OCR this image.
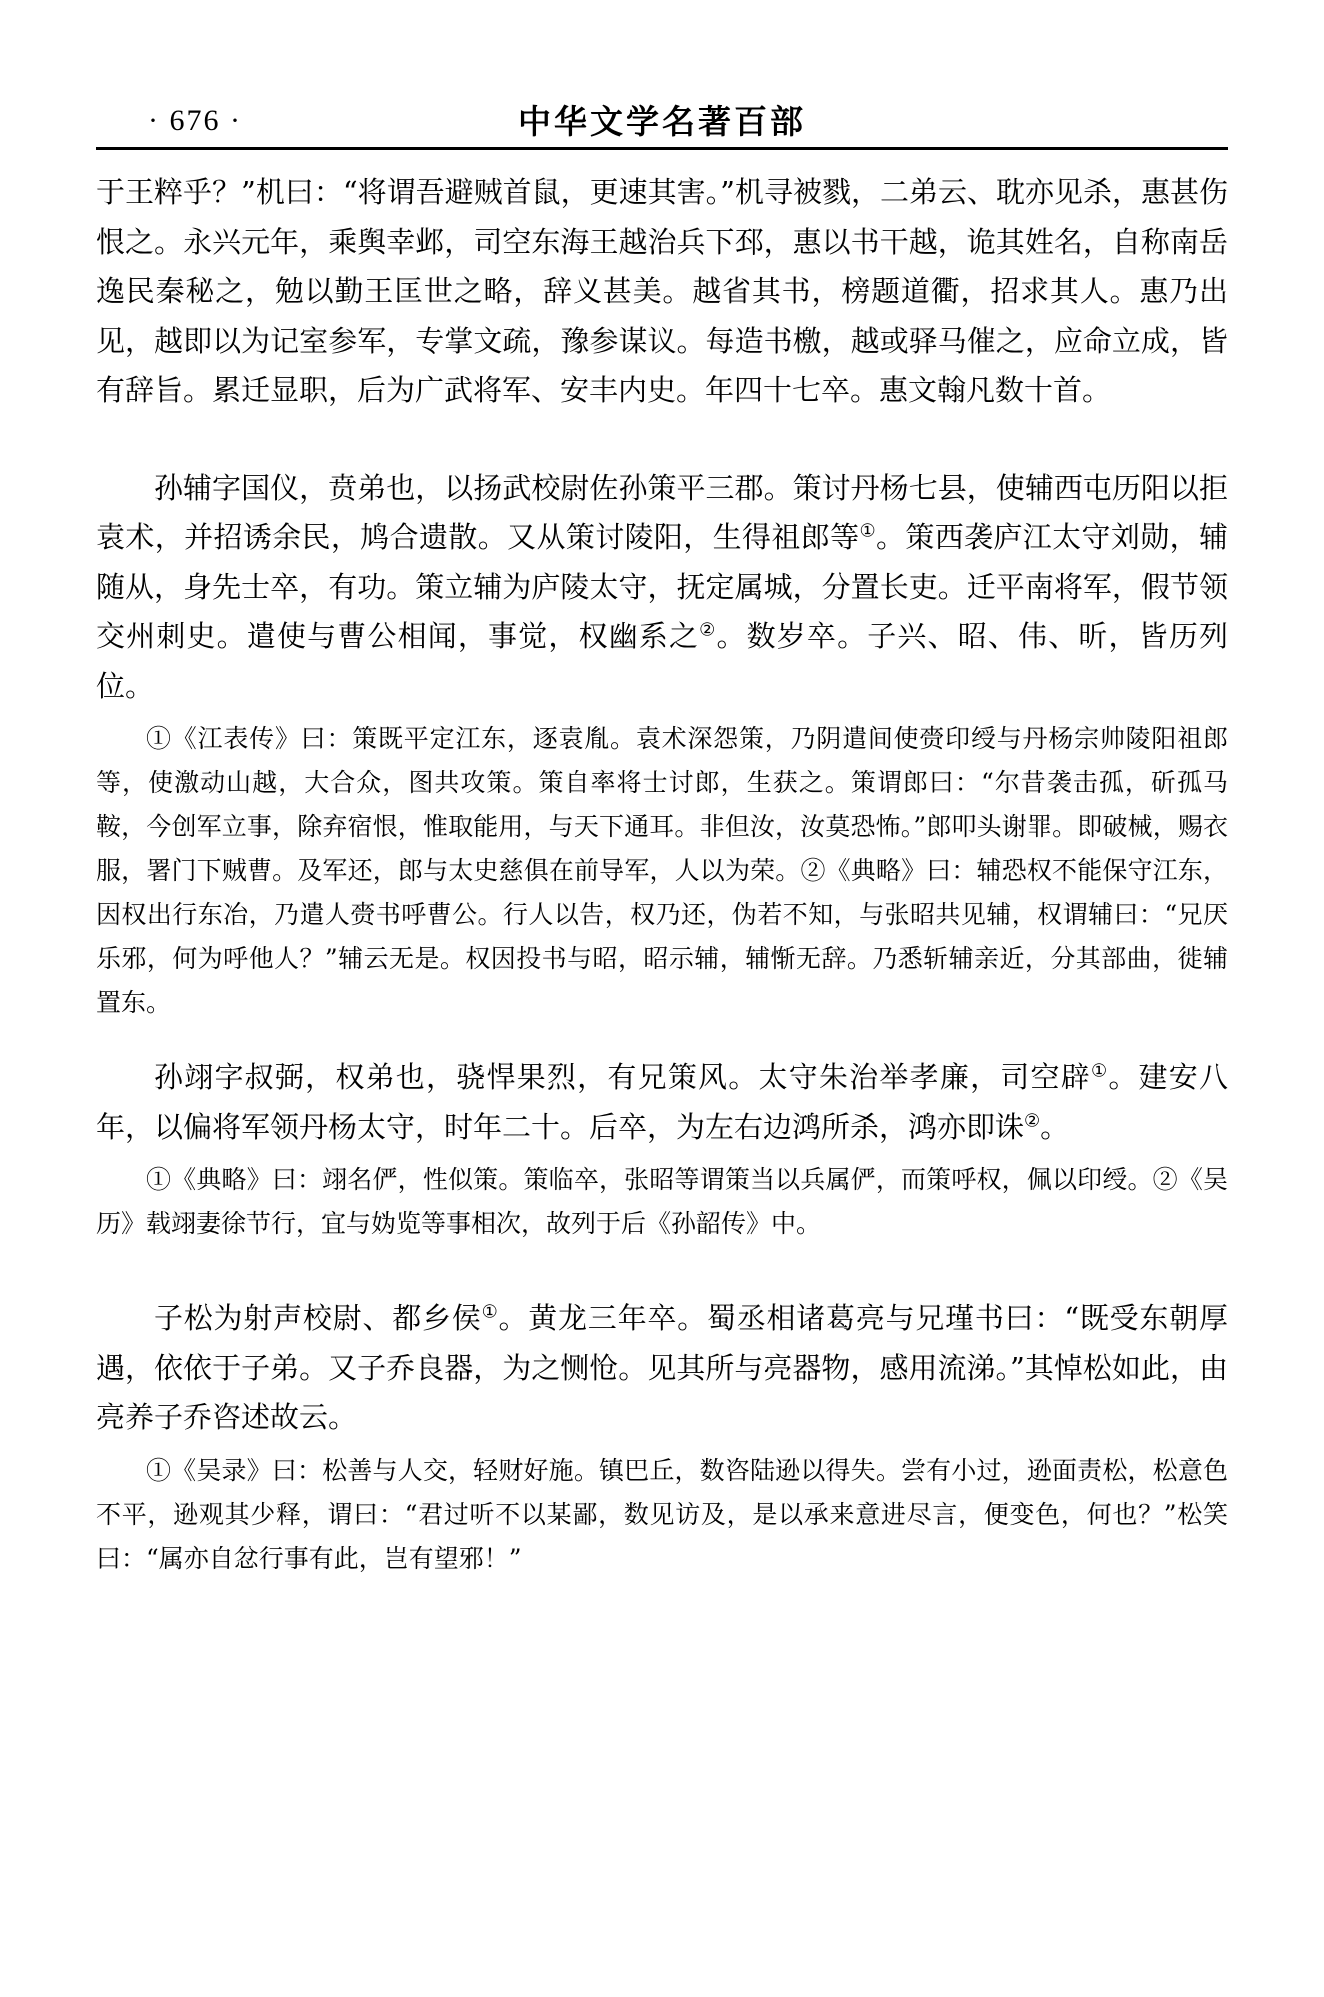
· 676 ·	中华文学名著百部

于王粹乎？”机曰：“将谓吾避贼首鼠，更速其害。”机寻被戮，二弟云、耽亦见杀，惠甚伤恨之。永兴元年，乘舆幸邺，司空东海王越治兵下邳，惠以书干越，诡其姓名，自称南岳逸民秦秘之，勉以勤王匡世之略，辞义甚美。越省其书，榜题道衢，招求其人。惠乃出见，越即以为记室参军，专掌文疏，豫参谋议。每造书檄，越或驿马催之，应命立成，皆有辞旨。累迁显职，后为广武将军、安丰内史。年四十七卒。惠文翰凡数十首。

孙辅字国仪，贲弟也，以扬武校尉佐孙策平三郡。策讨丹杨七县，使辅西屯历阳以拒袁术，并招诱余民，鸠合遗散。又从策讨陵阳，生得祖郎等①。策西袭庐江太守刘勋，辅随从，身先士卒，有功。策立辅为庐陵太守，抚定属城，分置长吏。迁平南将军，假节领交州刺史。遣使与曹公相闻，事觉，权幽系之②。数岁卒。子兴、昭、伟、昕，皆历列位。

①《江表传》曰：策既平定江东，逐袁胤。袁术深怨策，乃阴遣间使赍印绶与丹杨宗帅陵阳祖郎等，使激动山越，大合众，图共攻策。策自率将士讨郎，生获之。策谓郎曰：“尔昔袭击孤，斫孤马鞍，今创军立事，除弃宿恨，惟取能用，与天下通耳。非但汝，汝莫恐怖。”郎叩头谢罪。即破械，赐衣服，署门下贼曹。及军还，郎与太史慈俱在前导军，人以为荣。②《典略》曰：辅恐权不能保守江东，因权出行东冶，乃遣人赍书呼曹公。行人以告，权乃还，伪若不知，与张昭共见辅，权谓辅曰：“兄厌乐邪，何为呼他人？”辅云无是。权因投书与昭，昭示辅，辅惭无辞。乃悉斩辅亲近，分其部曲，徙辅置东。

孙翊字叔弼，权弟也，骁悍果烈，有兄策风。太守朱治举孝廉，司空辟①。建安八年，以偏将军领丹杨太守，时年二十。后卒，为左右边鸿所杀，鸿亦即诛②。

①《典略》曰：翊名俨，性似策。策临卒，张昭等谓策当以兵属俨，而策呼权，佩以印绶。②《吴历》载翊妻徐节行，宜与妫览等事相次，故列于后《孙韶传》中。

子松为射声校尉、都乡侯①。黄龙三年卒。蜀丞相诸葛亮与兄瑾书曰：“既受东朝厚遇，依依于子弟。又子乔良器，为之恻怆。见其所与亮器物，感用流涕。”其悼松如此，由亮养子乔咨述故云。

①《吴录》曰：松善与人交，轻财好施。镇巴丘，数咨陆逊以得失。尝有小过，逊面责松，松意色不平，逊观其少释，谓曰：“君过听不以某鄙，数见访及，是以承来意进尽言，便变色，何也？”松笑曰：“属亦自忿行事有此，岂有望邪！”
